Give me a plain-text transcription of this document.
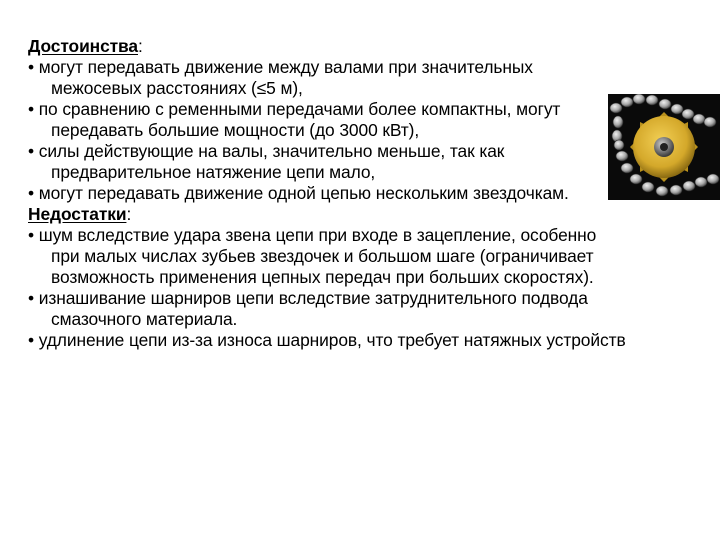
Достоинства:

• могут передавать движение между валами при значительных межосевых расстояниях (≤5 м),

• по сравнению с ременными передачами более компактны, могут передавать большие мощности (до 3000 кВт),

• силы действующие на валы, значительно меньше, так как предварительное натяжение цепи мало,

• могут передавать движение одной цепью нескольким звездочкам.

Недостатки:

• шум вследствие удара звена цепи при входе в зацепление, особенно при малых числах зубьев звездочек и большом шаге (ограничивает возможность применения цепных передач при больших скоростях).

• изнашивание шарниров цепи вследствие затруднительного подвода смазочного материала.

• удлинение цепи из-за износа шарниров, что требует натяжных устройств
